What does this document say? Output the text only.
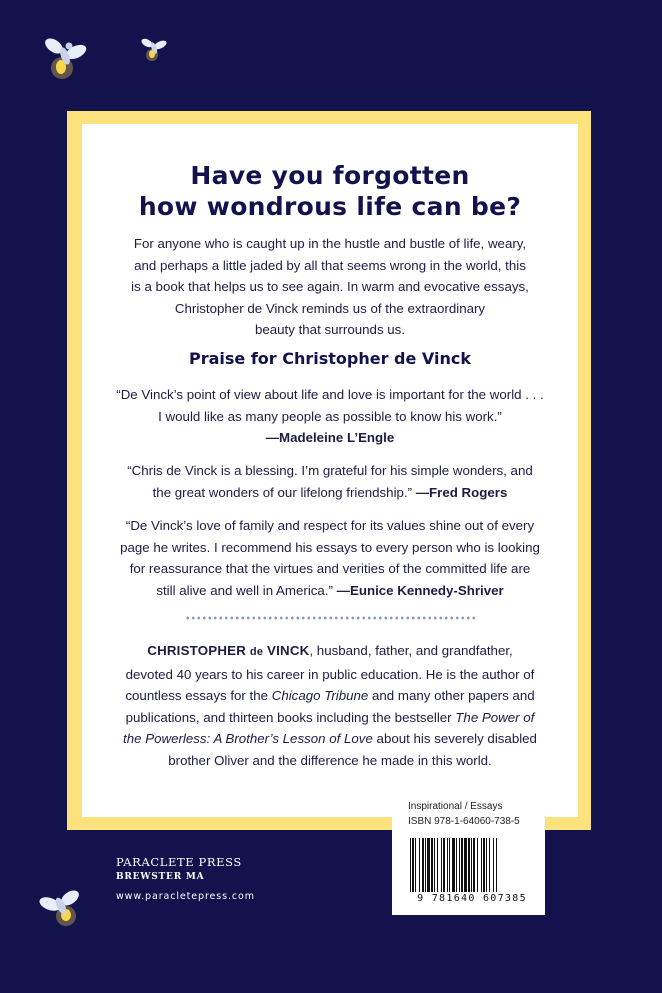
Have you forgotten
how wondrous life can be?

For anyone who is caught up in the hustle and bustle of life, weary,
and perhaps a little jaded by all that seems wrong in the world, this
is a book that helps us to see again. In warm and evocative essays,
Christopher de Vinck reminds us of the extraordinary
beauty that surrounds us.

Praise for Christopher de Vinck

“De Vinck’s point of view about life and love is important for the world . . .
I would like as many people as possible to know his work.”
—Madeleine L’Engle

“Chris de Vinck is a blessing. I’m grateful for his simple wonders, and
the great wonders of our lifelong friendship.” —Fred Rogers

“De Vinck’s love of family and respect for its values shine out of every
page he writes. I recommend his essays to every person who is looking
for reassurance that the virtues and verities of the committed life are
still alive and well in America.” —Eunice Kennedy-Shriver

CHRISTOPHER de VINCK, husband, father, and grandfather,
devoted 40 years to his career in public education. He is the author of
countless essays for the Chicago Tribune and many other papers and
publications, and thirteen books including the bestseller The Power of
the Powerless: A Brother’s Lesson of Love about his severely disabled
brother Oliver and the difference he made in this world.

PARACLETE PRESS
BREWSTER MA
www.paracletepress.com
Inspirational / Essays
ISBN 978-1-64060-738-5
9 781640 607385
